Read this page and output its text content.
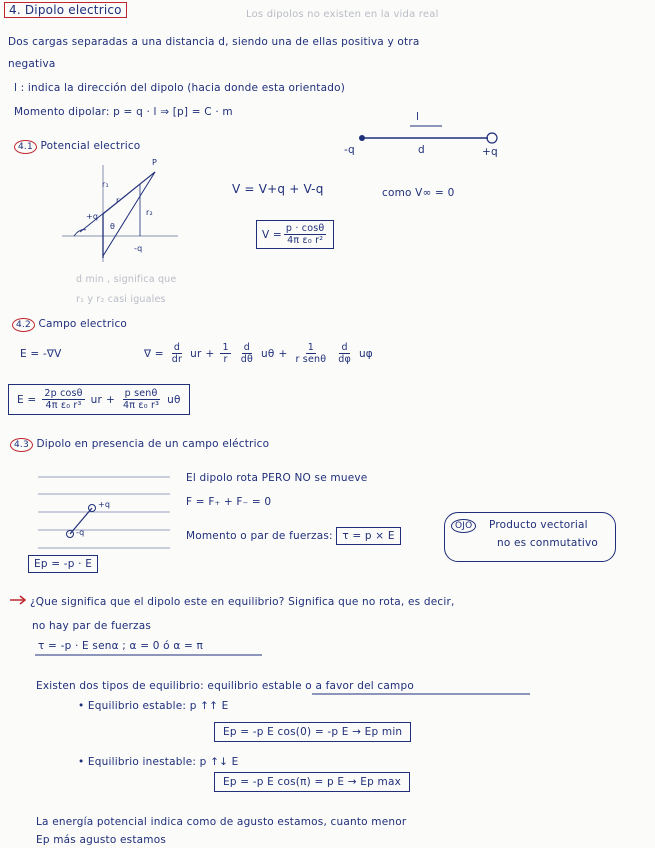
4. Dipolo electrico	Los dipolos no existen en la vida real
Dos cargas separadas a una distancia d, siendo una de ellas positiva y otra
negativa
l : indica la dirección del dipolo (hacia donde esta orientado)
Momento dipolar: p = q · l ⇒ [p] = C · m	l
-q	d	+q
4.1 Potencial electrico
P
r₁
r
r₂
θ
+q
-q
V = V+q + V-q	como V∞ = 0
$V = \frac{p \cdot \cos\theta}{\text{4π ε₀ r²}}$
d min , significa que
r₁ y r₂ casi iguales
4.2 Campo electrico
E = -∇V	∇ = $\frac{d}{dr}$ ur + $\frac{1}{r} \frac{d}{d\theta}$ $u\theta + \frac{1}{\text{r senθ}} \frac{d}{d\varphi}$ uφ
$E = \frac{\text{2p cosθ}}{\text{4π ε₀ r³}}$ ur + $\frac{\text{p senθ}}{\text{4π ε₀ r³}}$ uθ
4.3 Dipolo en presencia de un campo eléctrico
+q
-q
El dipolo rota PERO NO se mueve
F = F₊ + F₋ = 0
Momento o par de fuerzas: τ = p × E
OJO	Producto vectorial
no es conmutativo
Ep = -p · E
¿Que significa que el dipolo este en equilibrio? Significa que no rota, es decir,
no hay par de fuerzas
τ = -p · E senα ; α = 0 ó α = π
Existen dos tipos de equilibrio: equilibrio estable o a favor del campo
• Equilibrio estable: p ↑↑ E
Ep = -p E cos(0) = -p E → Ep min
• Equilibrio inestable: p ↑↓ E
Ep = -p E cos(π) = p E → Ep max
La energía potencial indica como de agusto estamos, cuanto menor
Ep más agusto estamos
